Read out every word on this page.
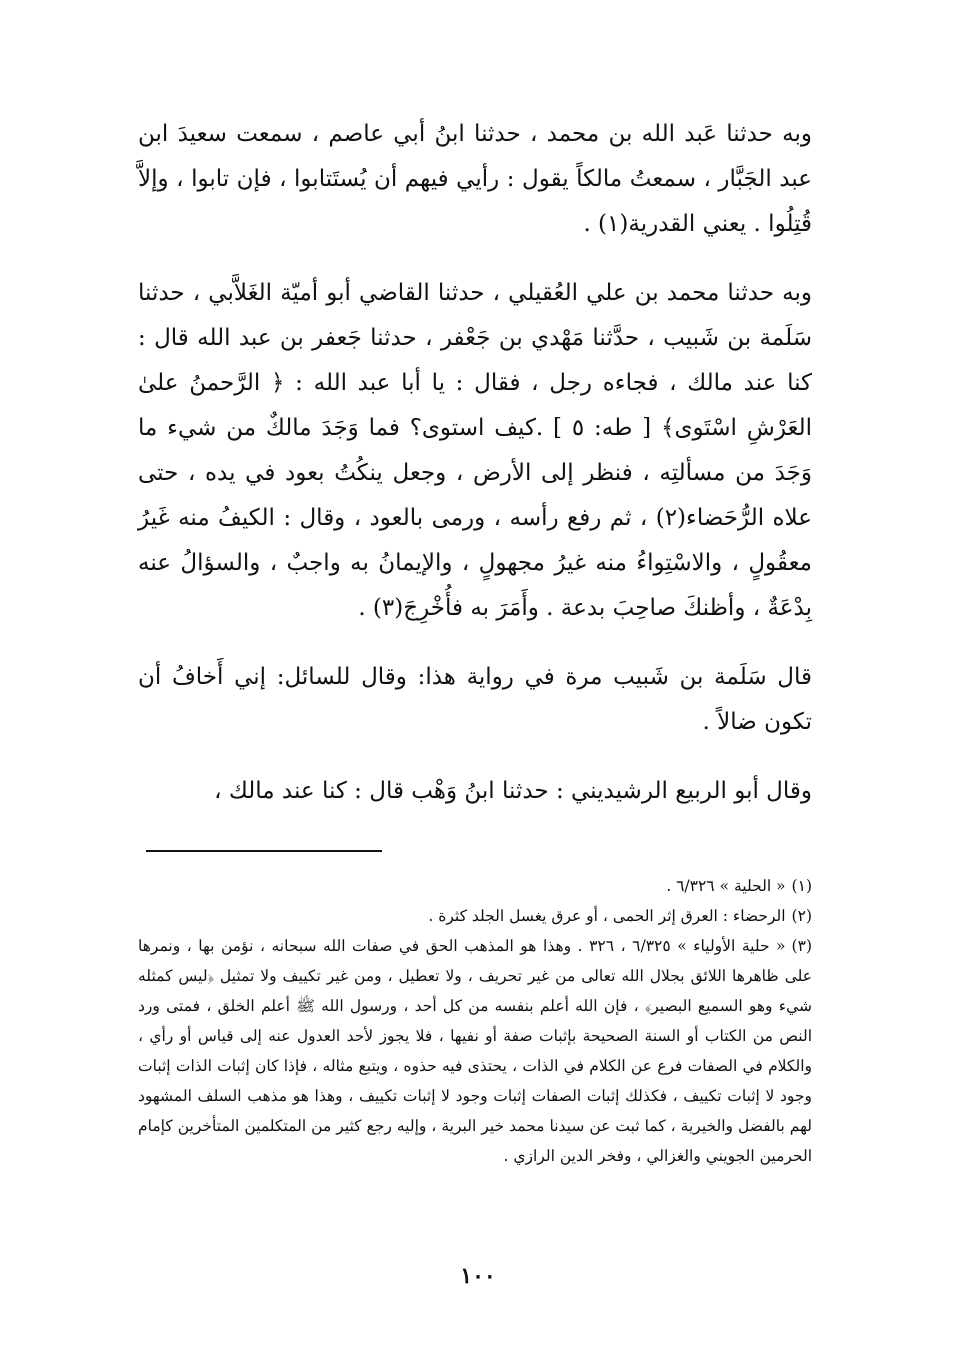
وبه حدثنا عَبد الله بن محمد ، حدثنا ابنُ أبي عاصم ، سمعت سعيدَ ابن عبد الجَبَّار ، سمعتُ مالكاً يقول : رأيي فيهم أن يُستَتابوا ، فإن تابوا ، وإلاَّ قُتِلُوا . يعني القدرية(١) .

وبه حدثنا محمد بن علي العُقيلي ، حدثنا القاضي أبو أميّة الغَلاَّبي ، حدثنا سَلَمة بن شَبيب ، حدَّثنا مَهْدي بن جَعْفر ، حدثنا جَعفر بن عبد الله قال : كنا عند مالك ، فجاءه رجل ، فقال : يا أبا عبد الله : ﴿ الرَّحمنُ علىٰ العَرْشِ اسْتَوى﴾ [ طه: ٥ ] .كيف استوى؟ فما وَجَدَ مالكٌ من شيء ما وَجَدَ من مسألتِه ، فنظر إلى الأرض ، وجعل ينكُتُ بعود في يده ، حتى علاه الرُّحَضاء(٢) ، ثم رفع رأسه ، ورمى بالعود ، وقال : الكيفُ منه غَيرُ معقُولٍ ، والاسْتِواءُ منه غيرُ مجهولٍ ، والإيمانُ به واجبٌ ، والسؤالُ عنه بِدْعَةٌ ، وأظنكَ صاحِبَ بدعة . وأَمَرَ به فأُخْرِجَ(٣) .

قال سَلَمة بن شَبيب مرة في رواية هذا: وقال للسائل: إني أَخافُ أن تكون ضالاً .

وقال أبو الربيع الرشيديني : حدثنا ابنُ وَهْب قال : كنا عند مالك ،

(١)« الحلية » ٦/٣٢٦ .

(٢)الرحضاء : العرق إثر الحمى ، أو عرق يغسل الجلد كثرة .

(٣)« حلية الأولياء » ٦/٣٢٥ ، ٣٢٦ . وهذا هو المذهب الحق في صفات الله سبحانه ، نؤمن بها ، ونمرها على ظاهرها اللائق بجلال الله تعالى من غير تحريف ، ولا تعطيل ، ومن غير تكييف ولا تمثيل ﴿ليس كمثله شيء وهو السميع البصير﴾ ، فإن الله أعلم بنفسه من كل أحد ، ورسول الله ﷺ أعلم الخلق ، فمتى ورد النص من الكتاب أو السنة الصحيحة بإثبات صفة أو نفيها ، فلا يجوز لأحد العدول عنه إلى قياس أو رأي ، والكلام في الصفات فرع عن الكلام في الذات ، يحتذى فيه حذوه ، ويتبع مثاله ، فإذا كان إثبات الذات إثبات وجود لا إثبات تكييف ، فكذلك إثبات الصفات إثبات وجود لا إثبات تكييف ، وهذا هو مذهب السلف المشهود لهم بالفضل والخيرية ، كما ثبت عن سيدنا محمد خير البرية ، وإليه رجع كثير من المتكلمين المتأخرين كإمام الحرمين الجويني والغزالي ، وفخر الدين الرازي .

١٠٠
